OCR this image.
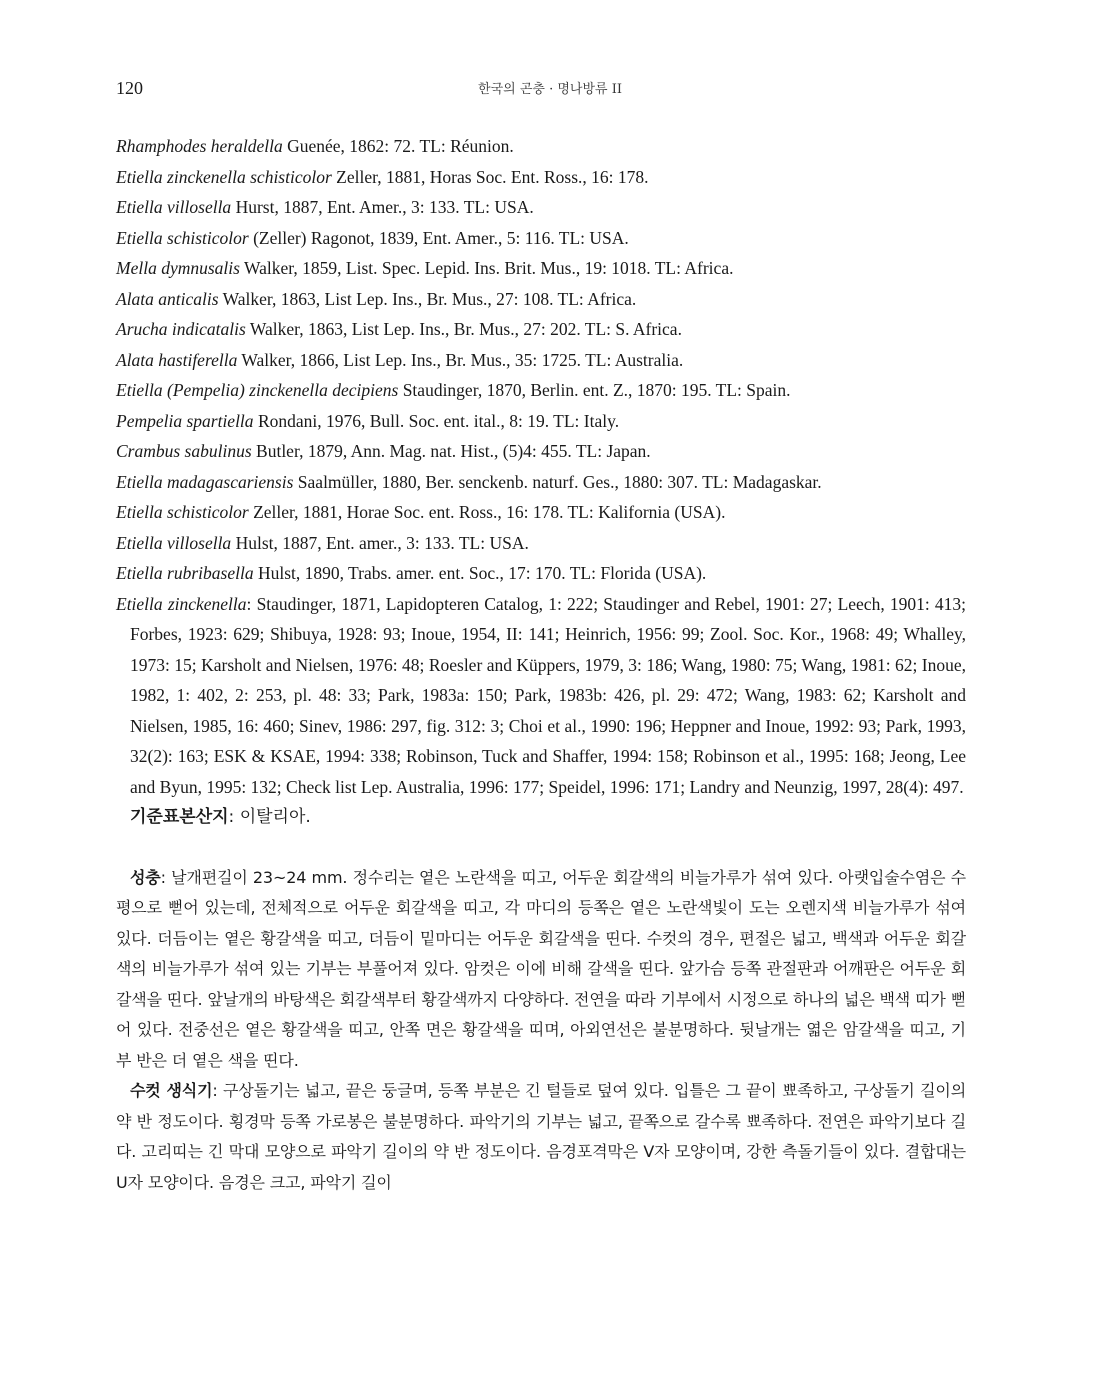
120	한국의 곤충 · 명나방류 II
Rhamphodes heraldella Guenée, 1862: 72. TL: Réunion.
Etiella zinckenella schisticolor Zeller, 1881, Horas Soc. Ent. Ross., 16: 178.
Etiella villosella Hurst, 1887, Ent. Amer., 3: 133. TL: USA.
Etiella schisticolor (Zeller) Ragonot, 1839, Ent. Amer., 5: 116. TL: USA.
Mella dymnusalis Walker, 1859, List. Spec. Lepid. Ins. Brit. Mus., 19: 1018. TL: Africa.
Alata anticalis Walker, 1863, List Lep. Ins., Br. Mus., 27: 108. TL: Africa.
Arucha indicatalis Walker, 1863, List Lep. Ins., Br. Mus., 27: 202. TL: S. Africa.
Alata hastiferella Walker, 1866, List Lep. Ins., Br. Mus., 35: 1725. TL: Australia.
Etiella (Pempelia) zinckenella decipiens Staudinger, 1870, Berlin. ent. Z., 1870: 195. TL: Spain.
Pempelia spartiella Rondani, 1976, Bull. Soc. ent. ital., 8: 19. TL: Italy.
Crambus sabulinus Butler, 1879, Ann. Mag. nat. Hist., (5)4: 455. TL: Japan.
Etiella madagascariensis Saalmüller, 1880, Ber. senckenb. naturf. Ges., 1880: 307. TL: Madagaskar.
Etiella schisticolor Zeller, 1881, Horae Soc. ent. Ross., 16: 178. TL: Kalifornia (USA).
Etiella villosella Hulst, 1887, Ent. amer., 3: 133. TL: USA.
Etiella rubribasella Hulst, 1890, Trabs. amer. ent. Soc., 17: 170. TL: Florida (USA).
Etiella zinckenella: Staudinger, 1871, Lapidopteren Catalog, 1: 222; Staudinger and Rebel, 1901: 27; Leech, 1901: 413; Forbes, 1923: 629; Shibuya, 1928: 93; Inoue, 1954, II: 141; Heinrich, 1956: 99; Zool. Soc. Kor., 1968: 49; Whalley, 1973: 15; Karsholt and Nielsen, 1976: 48; Roesler and Küppers, 1979, 3: 186; Wang, 1980: 75; Wang, 1981: 62; Inoue, 1982, 1: 402, 2: 253, pl. 48: 33; Park, 1983a: 150; Park, 1983b: 426, pl. 29: 472; Wang, 1983: 62; Karsholt and Nielsen, 1985, 16: 460; Sinev, 1986: 297, fig. 312: 3; Choi et al., 1990: 196; Heppner and Inoue, 1992: 93; Park, 1993, 32(2): 163; ESK & KSAE, 1994: 338; Robinson, Tuck and Shaffer, 1994: 158; Robinson et al., 1995: 168; Jeong, Lee and Byun, 1995: 132; Check list Lep. Australia, 1996: 177; Speidel, 1996: 171; Landry and Neunzig, 1997, 28(4): 497.
기준표본산지: 이탈리아.
성충: 날개편길이 23~24 mm. 정수리는 옅은 노란색을 띠고, 어두운 회갈색의 비늘가루가 섞여 있다. 아랫입술수염은 수평으로 뻗어 있는데, 전체적으로 어두운 회갈색을 띠고, 각 마디의 등쪽은 옅은 노란색빛이 도는 오렌지색 비늘가루가 섞여 있다. 더듬이는 옅은 황갈색을 띠고, 더듬이 밑마디는 어두운 회갈색을 띤다. 수컷의 경우, 편절은 넓고, 백색과 어두운 회갈색의 비늘가루가 섞여 있는 기부는 부풀어져 있다. 암컷은 이에 비해 갈색을 띤다. 앞가슴 등쪽 관절판과 어깨판은 어두운 회갈색을 띤다. 앞날개의 바탕색은 회갈색부터 황갈색까지 다양하다. 전연을 따라 기부에서 시정으로 하나의 넓은 백색 띠가 뻗어 있다. 전중선은 옅은 황갈색을 띠고, 안쪽 면은 황갈색을 띠며, 아외연선은 불분명하다. 뒷날개는 엷은 암갈색을 띠고, 기부 반은 더 옅은 색을 띤다.
수컷 생식기: 구상돌기는 넓고, 끝은 둥글며, 등쪽 부분은 긴 털들로 덮여 있다. 입틀은 그 끝이 뾰족하고, 구상돌기 길이의 약 반 정도이다. 횡경막 등쪽 가로봉은 불분명하다. 파악기의 기부는 넓고, 끝쪽으로 갈수록 뾰족하다. 전연은 파악기보다 길다. 고리띠는 긴 막대 모양으로 파악기 길이의 약 반 정도이다. 음경포격막은 V자 모양이며, 강한 측돌기들이 있다. 결합대는 U자 모양이다. 음경은 크고, 파악기 길이
